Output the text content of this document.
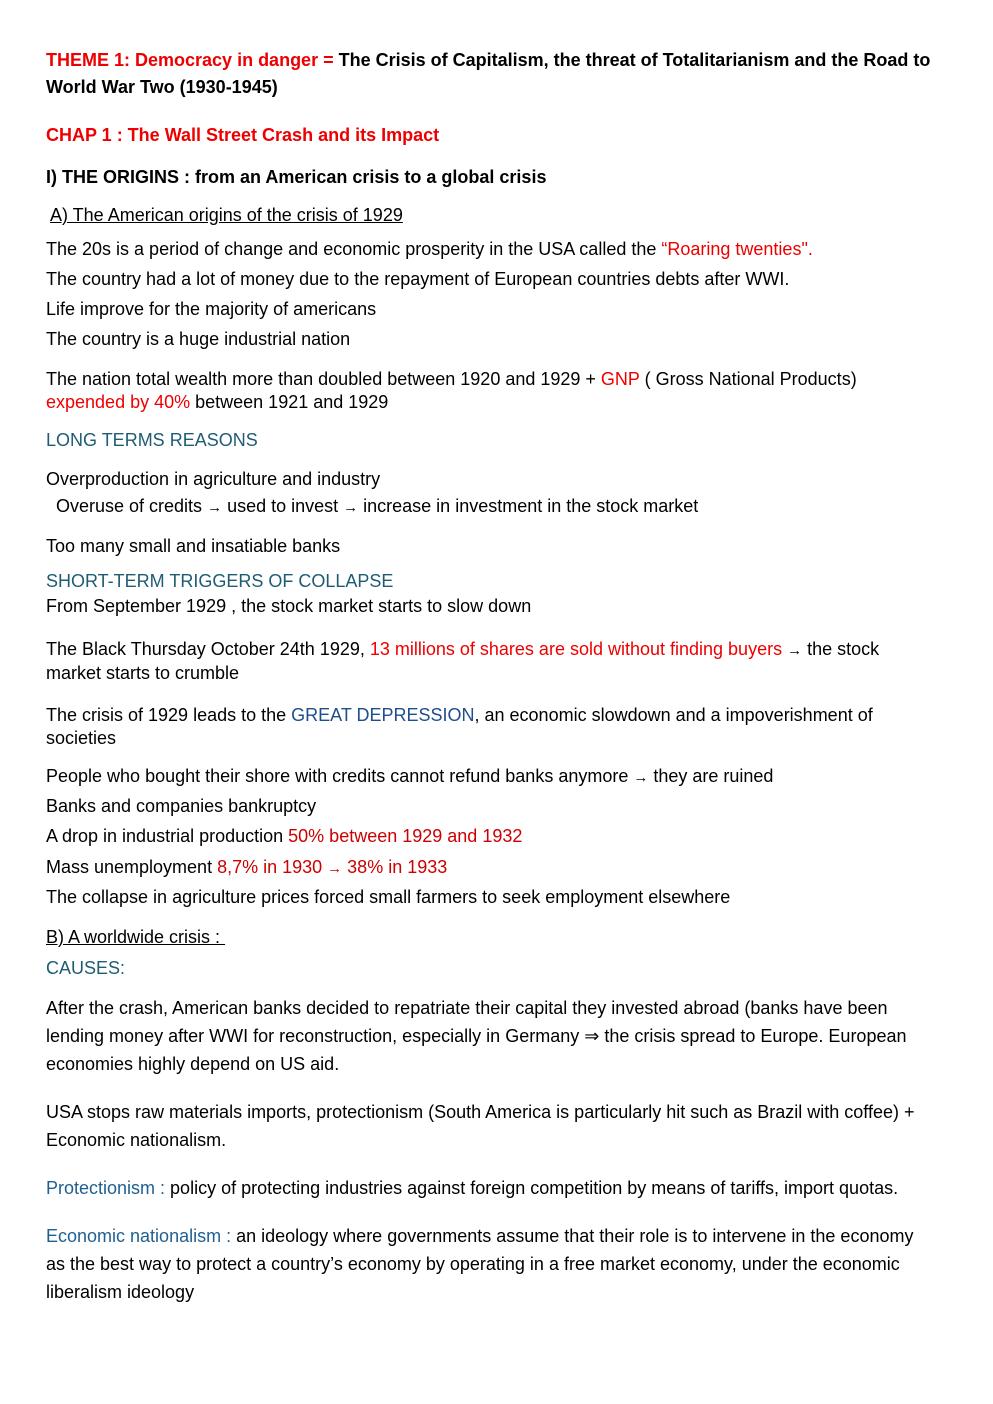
THEME 1: Democracy in danger = The Crisis of Capitalism, the threat of Totalitarianism and the Road to World War Two (1930-1945)
CHAP 1 : The Wall Street Crash and its Impact
I) THE ORIGINS : from an American crisis to a global crisis
A) The American origins of the crisis of 1929
The 20s is a period of change and economic prosperity in the USA called the “Roaring twenties".
The country had a lot of money due to the repayment of European countries debts after WWI.
Life improve for the majority of americans
The country is a huge industrial nation
The nation total wealth more than doubled between 1920 and 1929 + GNP ( Gross National Products) expended by 40% between 1921 and 1929
LONG TERMS REASONS
Overproduction in agriculture and industry
Overuse of credits → used to invest → increase in investment in the stock market
Too many small and insatiable banks
SHORT-TERM TRIGGERS OF COLLAPSE
From September 1929 , the stock market starts to slow down
The Black Thursday October 24th 1929, 13 millions of shares are sold without finding buyers → the stock market starts to crumble
The crisis of 1929 leads to the GREAT DEPRESSION, an economic slowdown and a impoverishment of societies
People who bought their shore with credits cannot refund banks anymore → they are ruined
Banks and companies bankruptcy
A drop in industrial production 50% between 1929 and 1932
Mass unemployment 8,7% in 1930 → 38% in 1933
The collapse in agriculture prices forced small farmers to seek employment elsewhere
B) A worldwide crisis :
CAUSES:
After the crash, American banks decided to repatriate their capital they invested abroad (banks have been lending money after WWI for reconstruction, especially in Germany ⇒ the crisis spread to Europe. European economies highly depend on US aid.
USA stops raw materials imports, protectionism (South America is particularly hit such as Brazil with coffee) + Economic nationalism.
Protectionism : policy of protecting industries against foreign competition by means of tariffs, import quotas.
Economic nationalism : an ideology where governments assume that their role is to intervene in the economy as the best way to protect a country’s economy by operating in a free market economy, under the economic liberalism ideology
